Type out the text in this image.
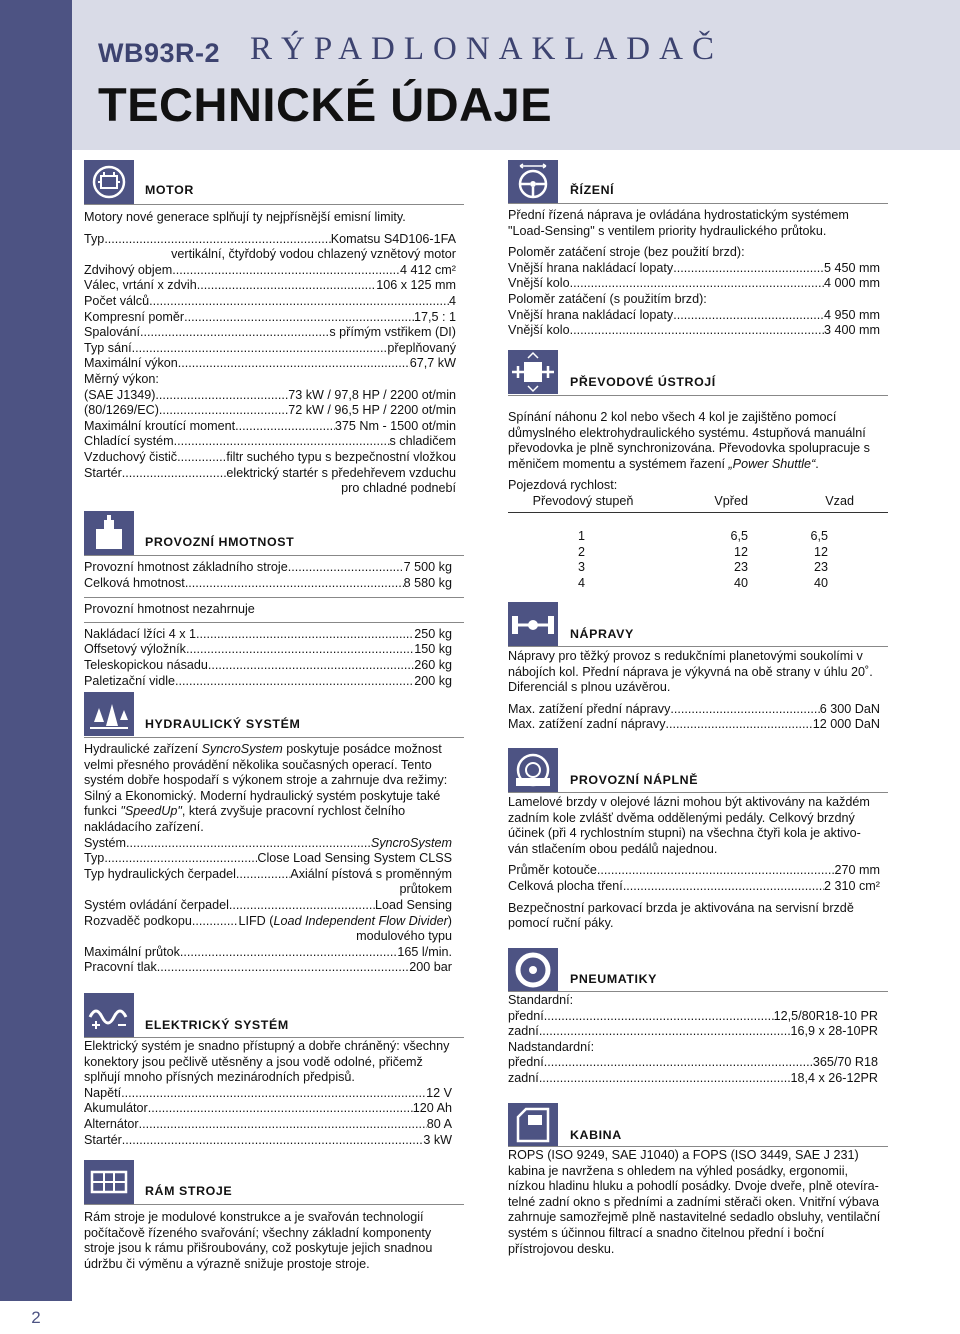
2
WB93R-2 RÝPADLONAKLADAČ
TECHNICKÉ ÚDAJE
MOTOR

Motory nové generace splňují ty nejpřísnější emisní limity.

Typ .....	Komatsu S4D106-1FA
vertikální, čtyřdobý vodou chlazený vznětový motor
Zdvihový objem .....	4 412 cm²
Válec, vrtání x zdvih .....	106 x 125 mm
Počet válců .....	4
Kompresní poměr .....	17,5 : 1
Spalování .....	s přímým vstřikem (DI)
Typ sání .....	přeplňovaný
Maximální výkon .....	67,7 kW
Měrný výkon:
(SAE J1349) .....	73 kW / 97,8 HP / 2200 ot/min
(80/1269/EC) .....	72 kW / 96,5 HP / 2200 ot/min
Maximální kroutící moment .....	375 Nm - 1500 ot/min
Chladící systém .....	s chladičem
Vzduchový čistič .....	filtr suchého typu s bezpečnostní vložkou
Startér .....	elektrický startér s předehřevem vzduchu
pro chladné podnebí
PROVOZNÍ HMOTNOST
Provozní hmotnost základního stroje .....	7 500 kg
Celková hmotnost .....	8 580 kg
Provozní hmotnost nezahrnuje
Nakládací lžíci 4 x 1 .....	250 kg
Offsetový výložník .....	150 kg
Teleskopickou násadu .....	260 kg
Paletizační vidle .....	200 kg
HYDRAULICKÝ SYSTÉM

Hydraulické zařízení SyncroSystem poskytuje posádce možnost velmi přesného provádění několika současných operací. Tento systém dobře hospodaří s výkonem stroje a zahrnuje dva režimy: Silný a Ekonomický. Moderní hydraulický systém poskytuje také funkci "SpeedUp", která zvyšuje pracovní rychlost čelního nakládacího zařízení.

Systém .....	SyncroSystem
Typ .....	Close Load Sensing System CLSS
Typ hydraulických čerpadel .....	Axiální pístová s proměnným
průtokem
Systém ovládání čerpadel .....	Load Sensing
Rozvaděč podkopu .....	LIFD (Load Independent Flow Divider)
modulového typu
Maximální průtok .....	165 l/min.
Pracovní tlak .....	200 bar
ELEKTRICKÝ SYSTÉM

Elektrický systém je snadno přístupný a dobře chráněný: všechny konektory jsou pečlivě utěsněny a jsou vodě odolné, přičemž splňují mnoho přísných mezinárodních předpisů.

Napětí .....	12 V
Akumulátor .....	120 Ah
Alternátor .....	80 A
Startér .....	3 kW
RÁM STROJE

Rám stroje je modulové konstrukce a je svařován technologií počítačově řízeného svařování; všechny základní komponenty stroje jsou k rámu přišroubovány, což poskytuje jejich snadnou údržbu či výměnu a výrazně snižuje prostoje stroje.

ŘÍZENÍ

Přední řízená náprava je ovládána hydrostatickým systémem "Load-Sensing" s ventilem priority hydraulického průtoku.

Poloměr zatáčení stroje (bez použití brzd):
Vnější hrana nakládací lopaty .....	5 450 mm
Vnější kolo .....	4 000 mm
Poloměr zatáčení (s použitím brzd):
Vnější hrana nakládací lopaty .....	4 950 mm
Vnější kolo .....	3 400 mm
PŘEVODOVÉ ÚSTROJÍ

Spínání náhonu 2 kol nebo všech 4 kol je zajištěno pomocí důmyslného elektrohydraulického systému. 4stupňová manuální převodovka je plně synchronizována. Převodovka spolupracuje s měničem momentu a systémem řazení „Power Shuttle“.

Pojezdová rychlost:
Převodový stupeň	Vpřed	Vzad

1	6,5	6,5
2	12	12
3	23	23
4	40	40
NÁPRAVY

Nápravy pro těžký provoz s redukčními planetovými soukolími v nábojích kol. Přední náprava je výkyvná na obě strany v úhlu 20˚. Diferenciál s plnou uzávěrou.

Max. zatížení přední nápravy .....	6 300 DaN
Max. zatížení zadní nápravy .....	12 000 DaN
PROVOZNÍ NÁPLNĚ

Lamelové brzdy v olejové lázni mohou být aktivovány na každém zadním kole zvlášť dvěma oddělenými pedály. Celkový brzdný účinek (při 4 rychlostním stupni) na všechna čtyři kola je aktivo-ván stlačením obou pedálů najednou.

Průměr kotouče .....	270 mm
Celková plocha tření .....	2 310 cm²

Bezpečnostní parkovací brzda je aktivována na servisní brzdě pomocí ruční páky.

PNEUMATIKY
Standardní:
přední .....	12,5/80R18-10 PR
zadní .....	16,9 x 28-10PR
Nadstandardní:
přední .....	365/70 R18
zadní .....	18,4 x 26-12PR
KABINA

ROPS (ISO 9249, SAE J1040) a FOPS (ISO 3449, SAE J 231) kabina je navržena s ohledem na výhled posádky, ergonomii, nízkou hladinu hluku a pohodlí posádky. Dvoje dveře, plně otevíra-telné zadní okno s předními a zadními stěrači oken. Vnitřní výbava zahrnuje samozřejmě plně nastavitelné sedadlo obsluhy, ventilační systém s účinnou filtrací a snadno čitelnou přední i boční přístrojovou desku.
